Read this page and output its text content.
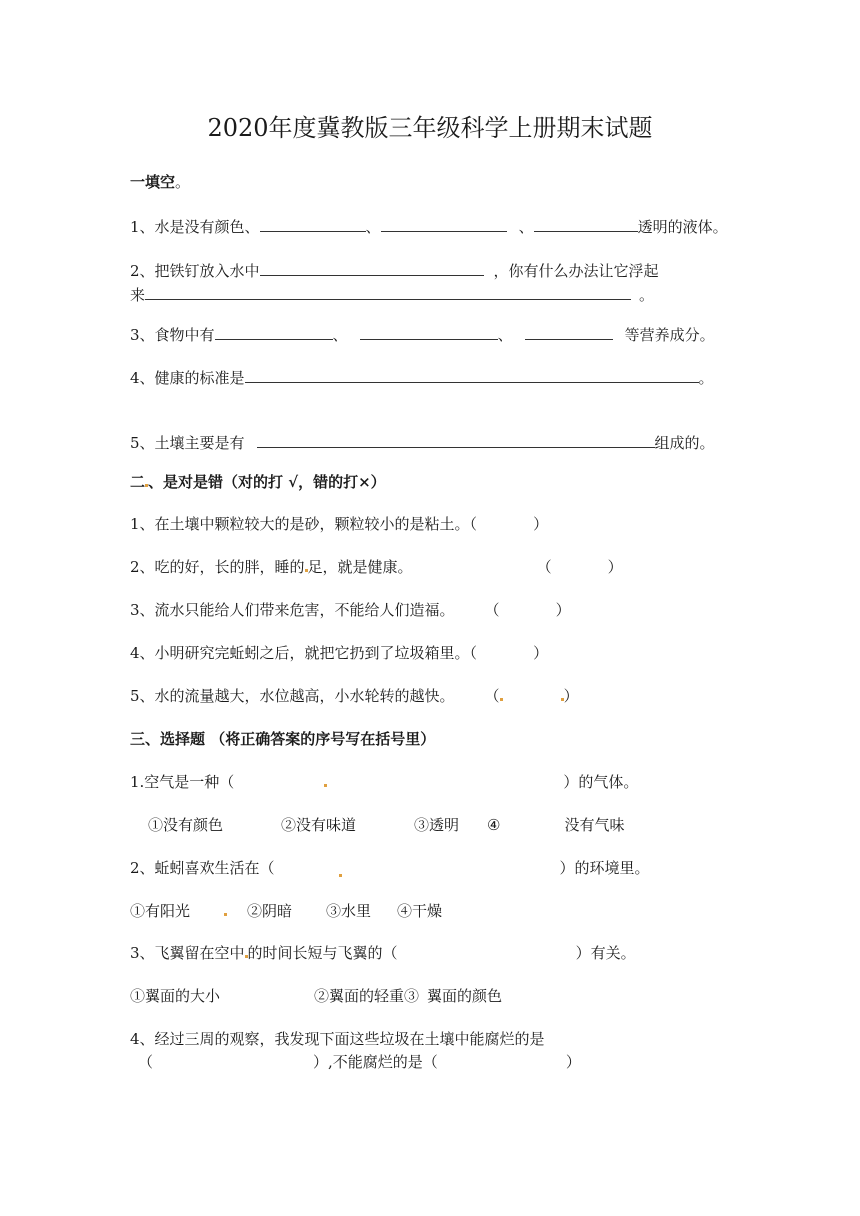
2020年度冀教版三年级科学上册期末试题
一填空。
1、水是没有颜色、	、	、	透明的液体。
2、把铁钉放入水中	，你有什么办法让它浮起
来	。
3、食物中有	、	、	等营养成分。
4、健康的标准是	。
5、土壤主要是有	组成的。
二 、是对是错（对的打 √，错的打×）
1、在土壤中颗粒较大的是砂，颗粒较小的是粘土。（	）
2、吃的好，长的胖，睡的 足，就是健康。	（	）
3、流水只能给人们带来危害，不能给人们造福。 （	）
4、小明研究完蚯蚓之后，就把它扔到了垃圾箱里。（	）
5、水的流量越大，水位越高，小水轮转的越快。 （	）
三、选择题 （将正确答案的序号写在括号里）
1.空气是一种（	）的气体。
①没有颜色	②没有味道	③透明 ④	没有气味
2、蚯蚓喜欢生活在（	）的环境里。
①有阳光	②阴暗 ③水里 ④干燥
3、飞翼留在空中 的时间长短与飞翼的（	）有关。
①翼面的大小	②翼面的轻重③ 翼面的颜色
4、经过三周的观察，我发现下面这些垃圾在土壤中能腐烂的是
（	）,不能腐烂的是（	）
